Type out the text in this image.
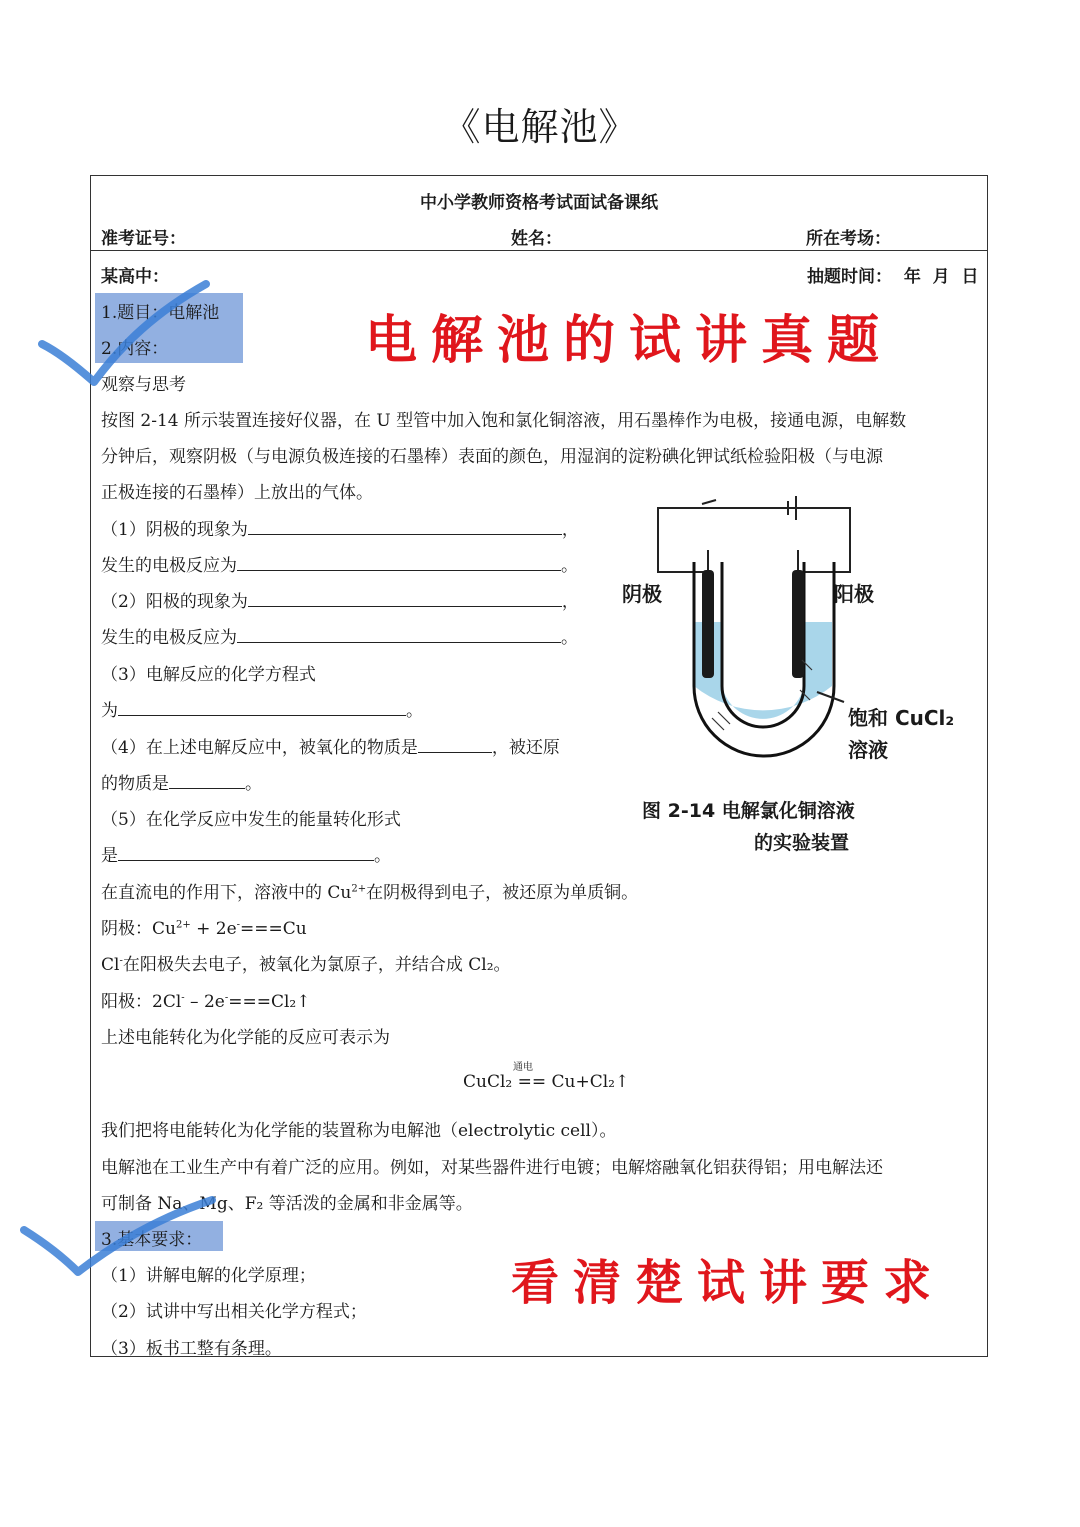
《电解池》
中小学教师资格考试面试备课纸
准考证号：	姓名：	所在考场：
某高中：	抽题时间：  年  月  日
1.题目：电解池
2.内容：	电解池的试讲真题
观察与思考
按图 2-14 所示装置连接好仪器，在 U 型管中加入饱和氯化铜溶液，用石墨棒作为电极，接通电源，电解数
分钟后，观察阴极（与电源负极连接的石墨棒）表面的颜色，用湿润的淀粉碘化钾试纸检验阳极（与电源
正极连接的石墨棒）上放出的气体。
（1）阴极的现象为	，
发生的电极反应为	。
（2）阳极的现象为	，
发生的电极反应为	。
（3）电解反应的化学方程式
为	。
（4）在上述电解反应中，被氧化的物质是	，被还原
的物质是	。
（5）在化学反应中发生的能量转化形式
是	。
在直流电的作用下，溶液中的 $Cu^{2+}$在阴极得到电子，被还原为单质铜。
阴极：$Cu^{2+} + 2e^-===Cu$
Cl-在阳极失去电子，被氧化为氯原子，并结合成 Cl₂。
阳极：2Cl- – 2e-===Cl₂↑
上述电能转化为化学能的反应可表示为
通电
CuCl₂ == Cu+Cl₂↑
我们把将电能转化为化学能的装置称为电解池（electrolytic cell）。
电解池在工业生产中有着广泛的应用。例如，对某些器件进行电镀；电解熔融氧化铝获得铝；用电解法还
可制备 Na、Mg、F₂ 等活泼的金属和非金属等。
3.基本要求：
（1）讲解电解的化学原理；
（2）试讲中写出相关化学方程式；
（3）板书工整有条理。
看清楚试讲要求
阴极	阳极
饱和 CuCl₂
溶液
图 2-14 电解氯化铜溶液
的实验装置
